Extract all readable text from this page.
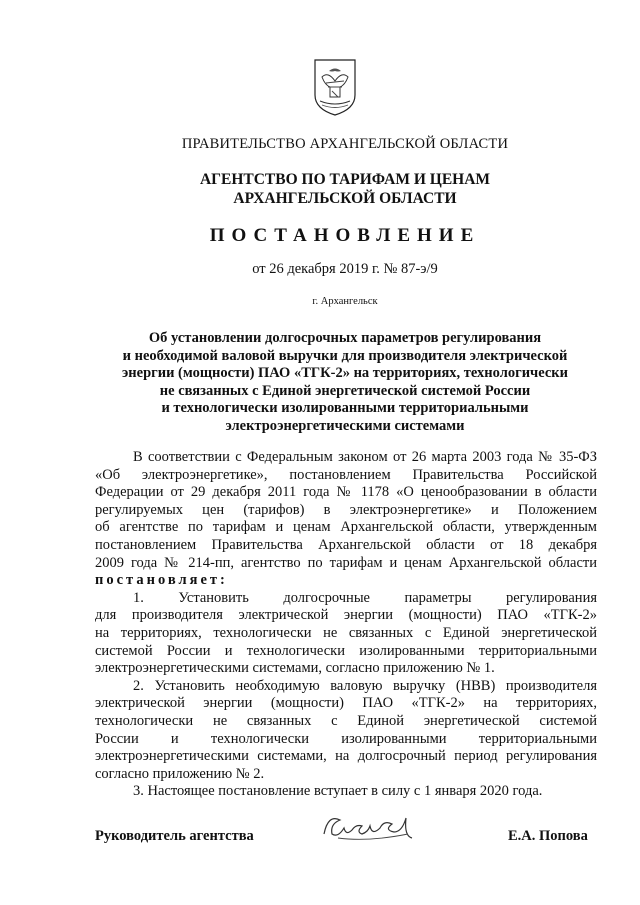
ПРАВИТЕЛЬСТВО АРХАНГЕЛЬСКОЙ ОБЛАСТИ
АГЕНТСТВО ПО ТАРИФАМ И ЦЕНАМ
АРХАНГЕЛЬСКОЙ ОБЛАСТИ
ПОСТАНОВЛЕНИЕ
от 26 декабря 2019 г. № 87-э/9
г. Архангельск
Об установлении долгосрочных параметров регулирования
и необходимой валовой выручки для производителя электрической
энергии (мощности) ПАО «ТГК-2» на территориях, технологически
не связанных с Единой энергетической системой России
и технологически изолированными территориальными
электроэнергетическими системами
В соответствии с Федеральным законом от 26 марта 2003 года № 35-ФЗ
«Об электроэнергетике», постановлением Правительства Российской
Федерации от 29 декабря 2011 года № 1178 «О ценообразовании в области
регулируемых цен (тарифов) в электроэнергетике» и Положением
об агентстве по тарифам и ценам Архангельской области, утвержденным
постановлением Правительства Архангельской области от 18 декабря
2009 года № 214-пп, агентство по тарифам и ценам Архангельской области
постановляет:
1. Установить долгосрочные параметры регулирования
для производителя электрической энергии (мощности) ПАО «ТГК-2»
на территориях, технологически не связанных с Единой энергетической
системой России и технологически изолированными территориальными
электроэнергетическими системами, согласно приложению № 1.
2. Установить необходимую валовую выручку (НВВ) производителя
электрической энергии (мощности) ПАО «ТГК-2» на территориях,
технологически не связанных с Единой энергетической системой
России и технологически изолированными территориальными
электроэнергетическими системами, на долгосрочный период регулирования
согласно приложению № 2.
3. Настоящее постановление вступает в силу с 1 января 2020 года.
Руководитель агентства	Е.А. Попова
